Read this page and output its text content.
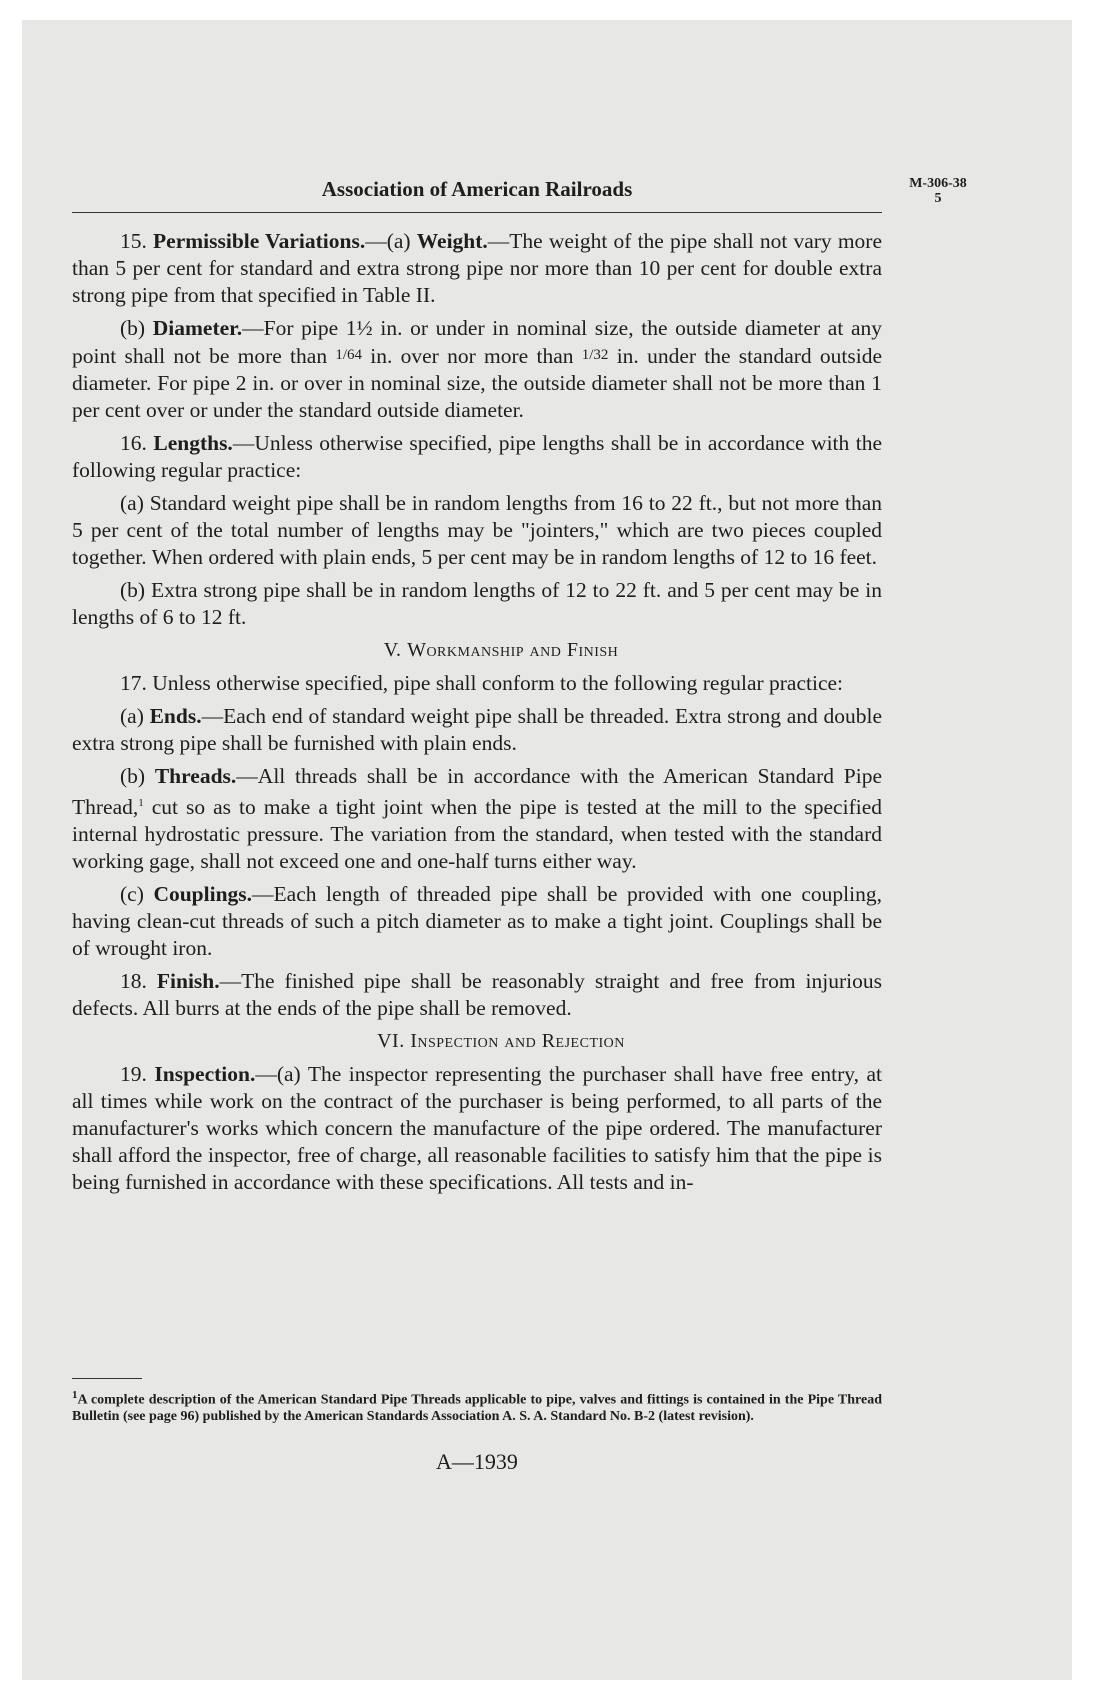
Association of American Railroads	M-306-38
5

15. Permissible Variations.—(a) Weight.—The weight of the pipe shall not vary more than 5 per cent for standard and extra strong pipe nor more than 10 per cent for double extra strong pipe from that specified in Table II.

(b) Diameter.—For pipe 1½ in. or under in nominal size, the outside diameter at any point shall not be more than 1/64 in. over nor more than 1/32 in. under the standard outside diameter. For pipe 2 in. or over in nominal size, the outside diameter shall not be more than 1 per cent over or under the standard outside diameter.

16. Lengths.—Unless otherwise specified, pipe lengths shall be in accordance with the following regular practice:

(a) Standard weight pipe shall be in random lengths from 16 to 22 ft., but not more than 5 per cent of the total number of lengths may be "jointers," which are two pieces coupled together. When ordered with plain ends, 5 per cent may be in random lengths of 12 to 16 feet.

(b) Extra strong pipe shall be in random lengths of 12 to 22 ft. and 5 per cent may be in lengths of 6 to 12 ft.

V. Workmanship and Finish

17. Unless otherwise specified, pipe shall conform to the following regular practice:

(a) Ends.—Each end of standard weight pipe shall be threaded. Extra strong and double extra strong pipe shall be furnished with plain ends.

(b) Threads.—All threads shall be in accordance with the American Standard Pipe Thread,$^1$ cut so as to make a tight joint when the pipe is tested at the mill to the specified internal hydrostatic pressure. The variation from the standard, when tested with the standard working gage, shall not exceed one and one-half turns either way.

(c) Couplings.—Each length of threaded pipe shall be provided with one coupling, having clean-cut threads of such a pitch diameter as to make a tight joint. Couplings shall be of wrought iron.

18. Finish.—The finished pipe shall be reasonably straight and free from injurious defects. All burrs at the ends of the pipe shall be removed.

VI. Inspection and Rejection

19. Inspection.—(a) The inspector representing the purchaser shall have free entry, at all times while work on the contract of the purchaser is being performed, to all parts of the manufacturer's works which concern the manufacture of the pipe ordered. The manufacturer shall afford the inspector, free of charge, all reasonable facilities to satisfy him that the pipe is being furnished in accordance with these specifications. All tests and in-

$^1$A complete description of the American Standard Pipe Threads applicable to pipe, valves and fittings is contained in the Pipe Thread Bulletin (see page 96) published by the American Standards Association A. S. A. Standard No. B-2 (latest revision).
A—1939
